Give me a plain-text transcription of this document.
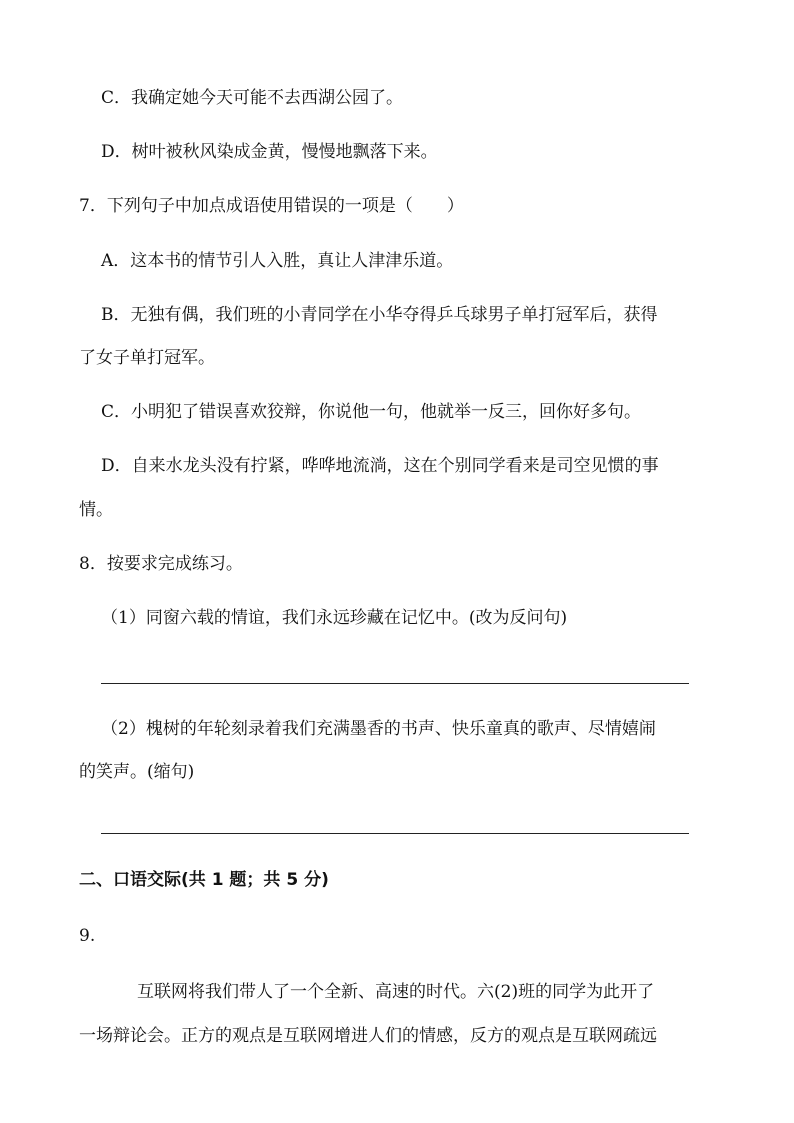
C．我确定她今天可能不去西湖公园了。
D．树叶被秋风染成金黄，慢慢地飘落下来。
7．下列句子中加点成语使用错误的一项是（　　）
A．这本书的情节引人入胜，真让人津津乐道。
B．无独有偶，我们班的小青同学在小华夺得乒乓球男子单打冠军后，获得
了女子单打冠军。
C．小明犯了错误喜欢狡辩，你说他一句，他就举一反三，回你好多句。
D．自来水龙头没有拧紧，哗哗地流淌，这在个别同学看来是司空见惯的事
情。
8．按要求完成练习。
（1）同窗六载的情谊，我们永远珍藏在记忆中。(改为反问句)
（2）槐树的年轮刻录着我们充满墨香的书声、快乐童真的歌声、尽情嬉闹
的笑声。(缩句)
二、口语交际(共 1 题；共 5 分)
9.
互联网将我们带人了一个全新、高速的时代。六(2)班的同学为此开了
一场辩论会。正方的观点是互联网增进人们的情感，反方的观点是互联网疏远
